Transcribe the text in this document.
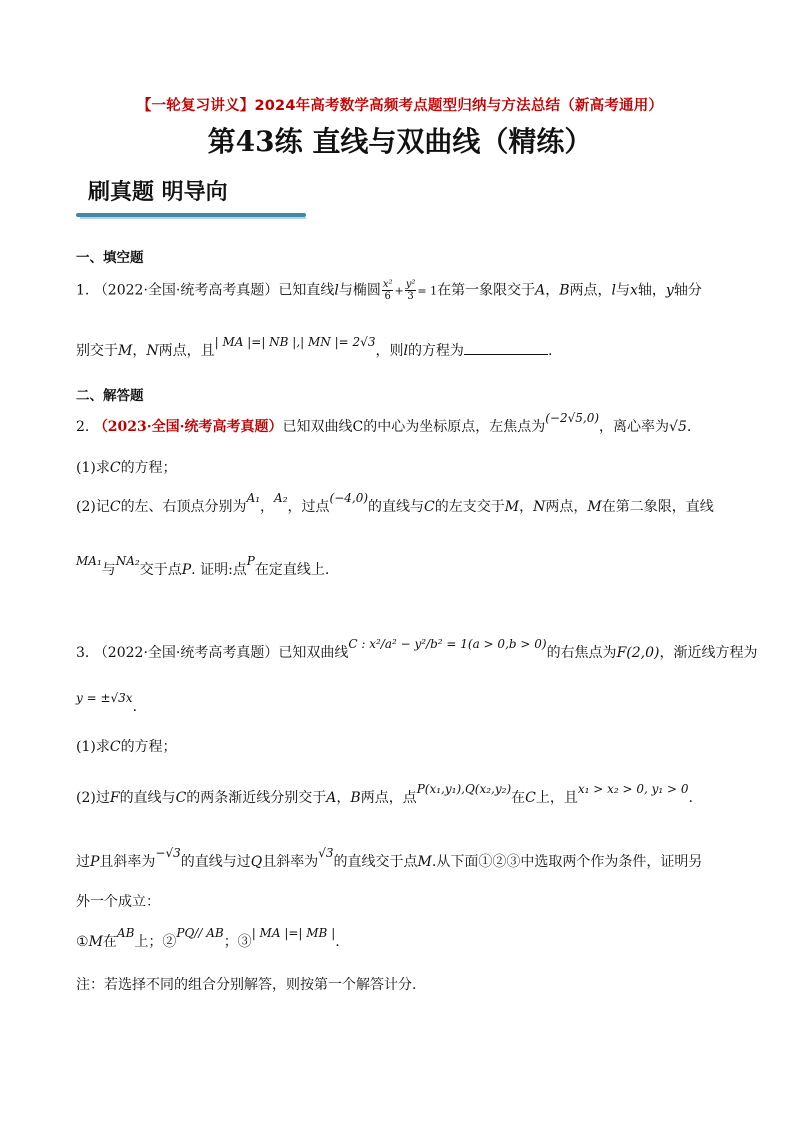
【一轮复习讲义】2024年高考数学高频考点题型归纳与方法总结（新高考通用）
第43练 直线与双曲线（精练）
刷真题 明导向
一、填空题
1. （2022·全国·统考高考真题）已知直线l与椭圆 $\frac{\text{x²}}{6} + \frac{\text{y²}}{3} = 1$在第一象限交于A，B两点，l与x轴，y轴分
别交于M，N两点，且| MA |=| NB |,| MN |= 2√3，则l的方程为	.
二、解答题
2. （2023·全国·统考高考真题）已知双曲线C的中心为坐标原点，左焦点为(−2√5,0)，离心率为√5.
(1)求C的方程；
(2)记C的左、右顶点分别为A₁，A₂，过点(−4,0)的直线与C的左支交于M，N两点，M在第二象限，直线
MA₁与NA₂交于点P. 证明:点P在定直线上.
3. （2022·全国·统考高考真题）已知双曲线C : x²/a² − y²/b² = 1(a > 0,b > 0)的右焦点为F(2,0)，渐近线方程为
y = ±√3x.
(1)求C的方程；
(2)过F的直线与C的两条渐近线分别交于A，B两点，点P(x₁,y₁),Q(x₂,y₂)在C上，且x₁ > x₂ > 0, y₁ > 0.
过P且斜率为−√3的直线与过Q且斜率为√3的直线交于点M.从下面①②③中选取两个作为条件，证明另
外一个成立：
①M在AB上；②PQ// AB；③| MA |=| MB |.
注：若选择不同的组合分别解答，则按第一个解答计分.
